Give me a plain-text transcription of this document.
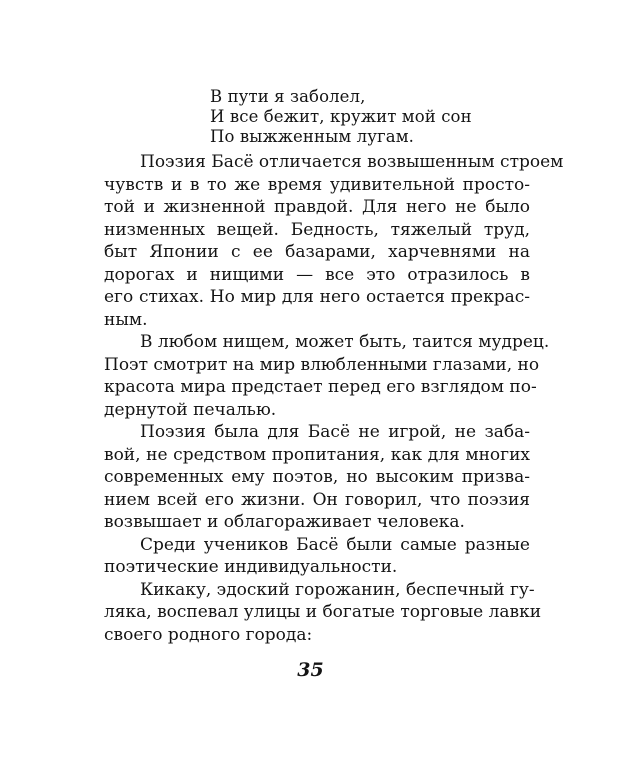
В пути я заболел,
И все бежит, кружит мой сон
По выжженным лугам.
Поэзия Басё отличается возвышенным строем
чувств и в то же время удивительной просто-
той и жизненной правдой. Для него не было
низменных вещей. Бедность, тяжелый труд,
быт Японии с ее базарами, харчевнями на
дорогах и нищими — все это отразилось в
его стихах. Но мир для него остается прекрас-
ным.
В любом нищем, может быть, таится мудрец.
Поэт смотрит на мир влюбленными глазами, но
красота мира предстает перед его взглядом по-
дернутой печалью.
Поэзия была для Басё не игрой, не заба-
вой, не средством пропитания, как для многих
современных ему поэтов, но высоким призва-
нием всей его жизни. Он говорил, что поэзия
возвышает и облагораживает человека.
Среди учеников Басё были самые разные
поэтические индивидуальности.
Кикаку, эдоский горожанин, беспечный гу-
ляка, воспевал улицы и богатые торговые лавки
своего родного города:
35
